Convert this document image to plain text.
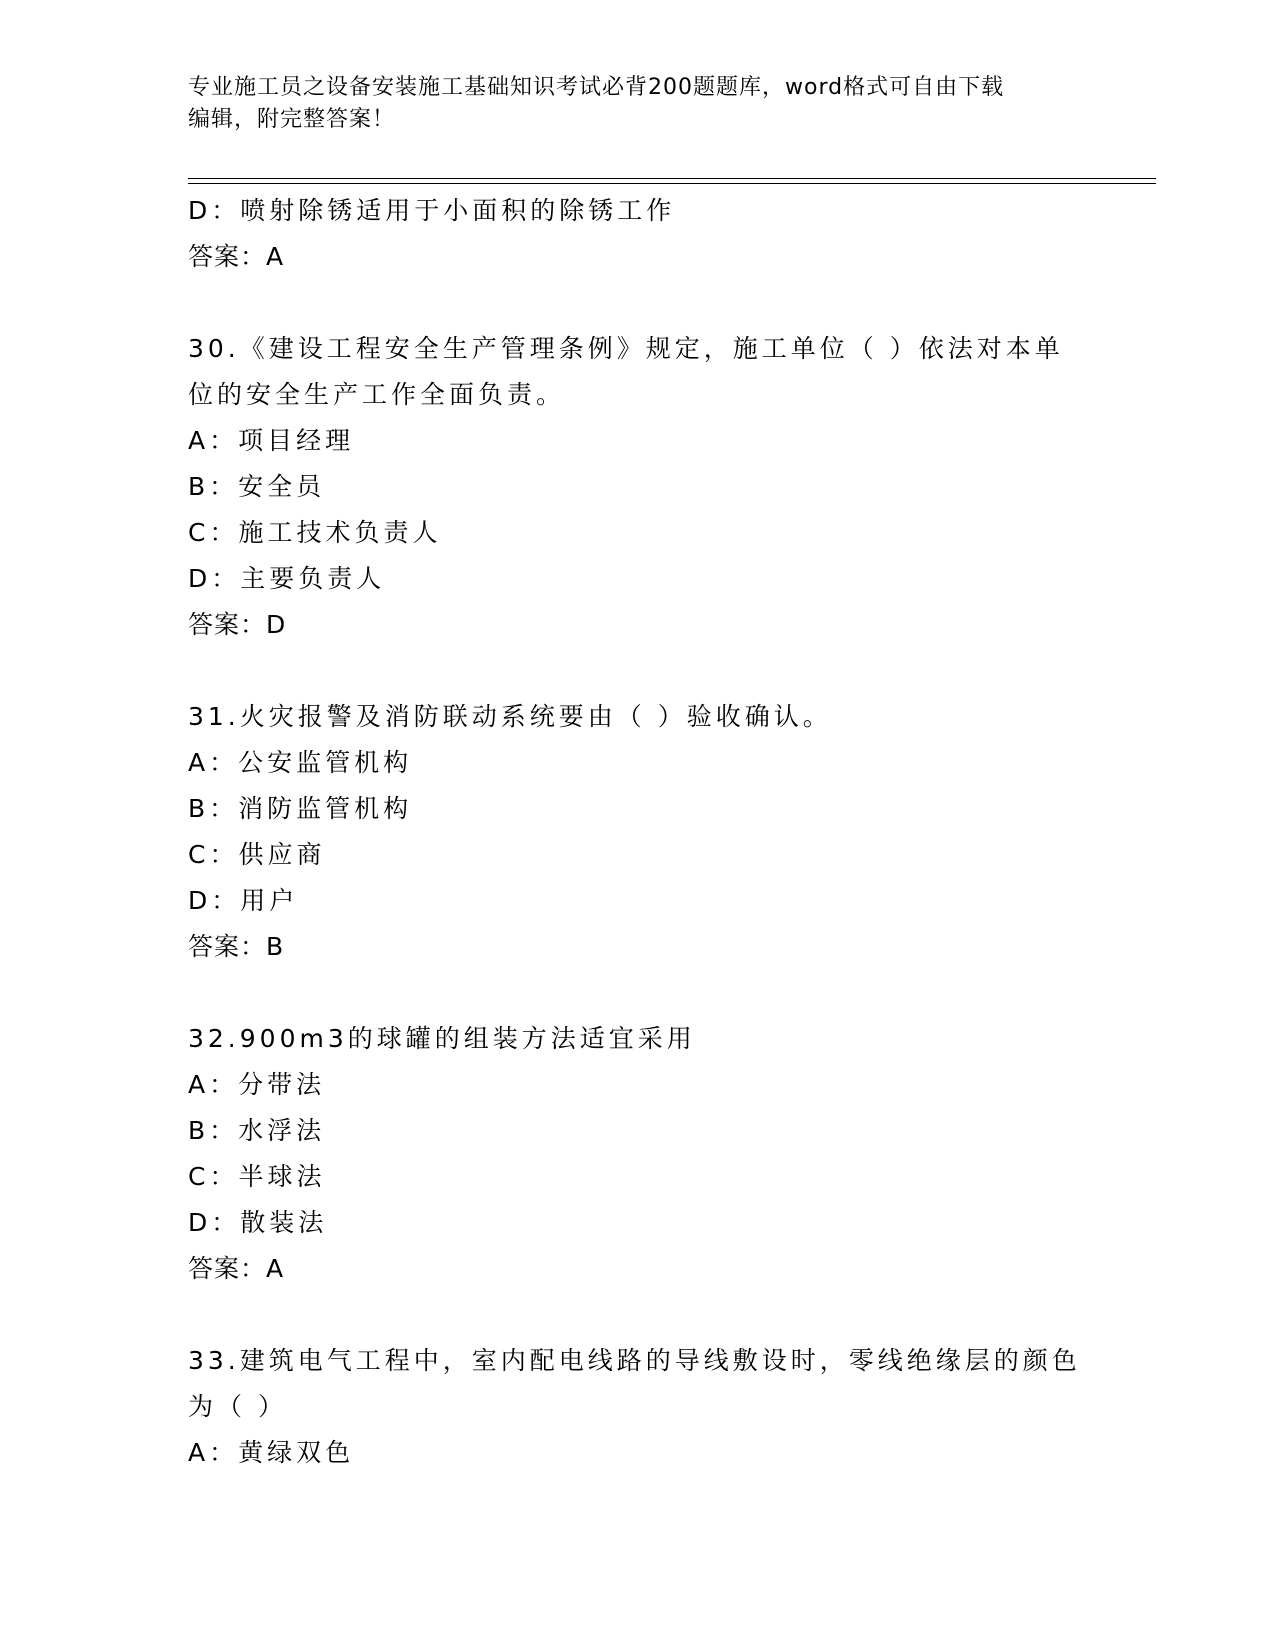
专业施工员之设备安装施工基础知识考试必背200题题库，word格式可自由下载
编辑，附完整答案！
D：喷射除锈适用于小面积的除锈工作
答案：A
30.《建设工程安全生产管理条例》规定，施工单位（ ）依法对本单
位的安全生产工作全面负责。
A：项目经理
B：安全员
C：施工技术负责人
D：主要负责人
答案：D
31.火灾报警及消防联动系统要由（ ）验收确认。
A：公安监管机构
B：消防监管机构
C：供应商
D：用户
答案：B
32.900m3的球罐的组装方法适宜采用
A：分带法
B：水浮法
C：半球法
D：散装法
答案：A
33.建筑电气工程中，室内配电线路的导线敷设时，零线绝缘层的颜色
为（ ）
A：黄绿双色
